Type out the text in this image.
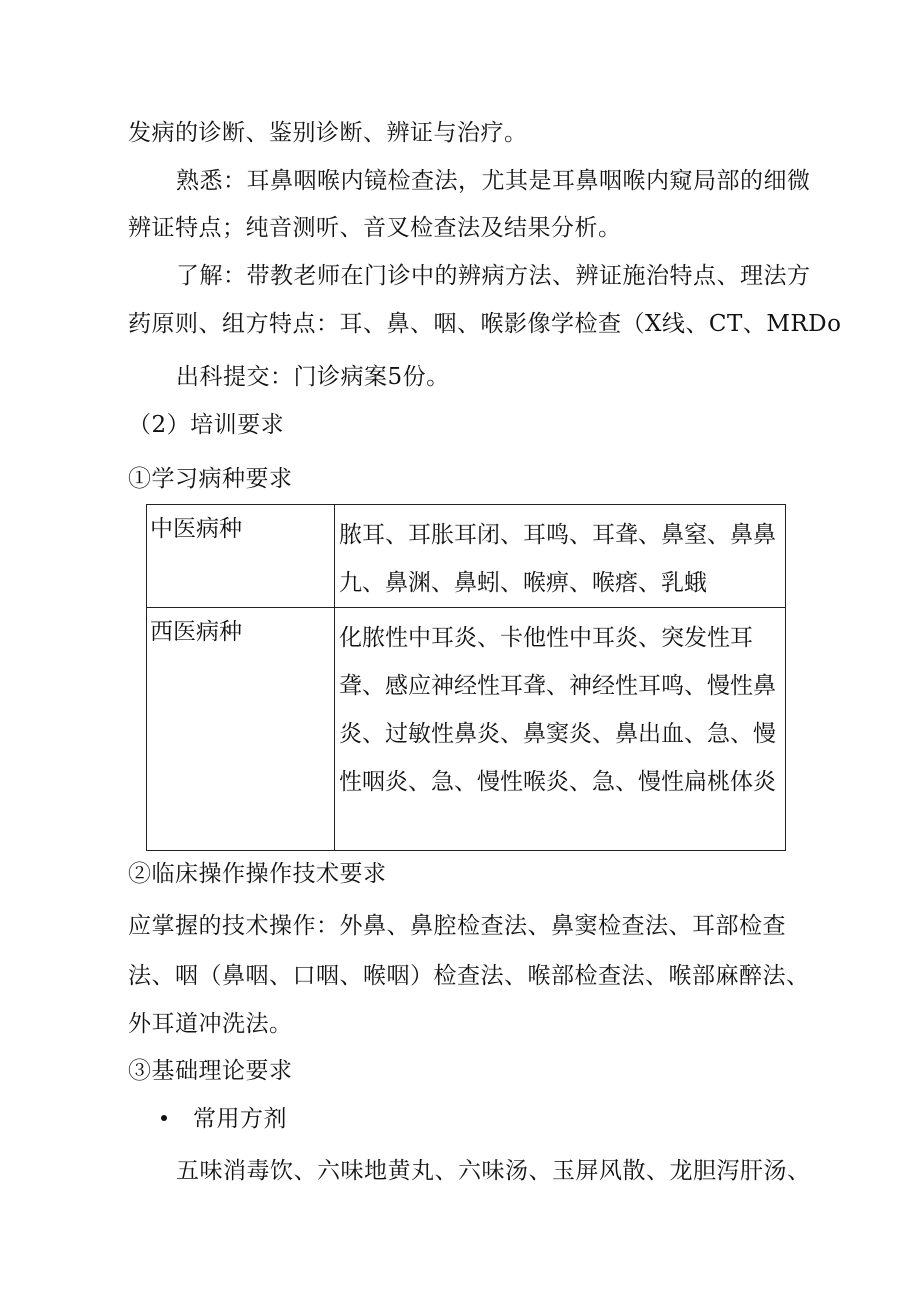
发病的诊断、鉴别诊断、辨证与治疗。
熟悉：耳鼻咽喉内镜检查法，尤其是耳鼻咽喉内窥局部的细微
辨证特点；纯音测听、音叉检查法及结果分析。
了解：带教老师在门诊中的辨病方法、辨证施治特点、理法方
药原则、组方特点：耳、鼻、咽、喉影像学检查（X线、CT、MRDo
出科提交：门诊病案5份。
（2）培训要求
①学习病种要求
中医病种	脓耳、耳胀耳闭、耳鸣、耳聋、鼻窒、鼻鼻九、鼻渊、鼻蚓、喉痹、喉瘩、乳蛾
西医病种	化脓性中耳炎、卡他性中耳炎、突发性耳聋、感应神经性耳聋、神经性耳鸣、慢性鼻炎、过敏性鼻炎、鼻窦炎、鼻出血、急、慢性咽炎、急、慢性喉炎、急、慢性扁桃体炎
②临床操作操作技术要求
应掌握的技术操作：外鼻、鼻腔检查法、鼻窦检查法、耳部检查
法、咽（鼻咽、口咽、喉咽）检查法、喉部检查法、喉部麻醉法、
外耳道冲洗法。
③基础理论要求
常用方剂
五味消毒饮、六味地黄丸、六味汤、玉屏风散、龙胆泻肝汤、
